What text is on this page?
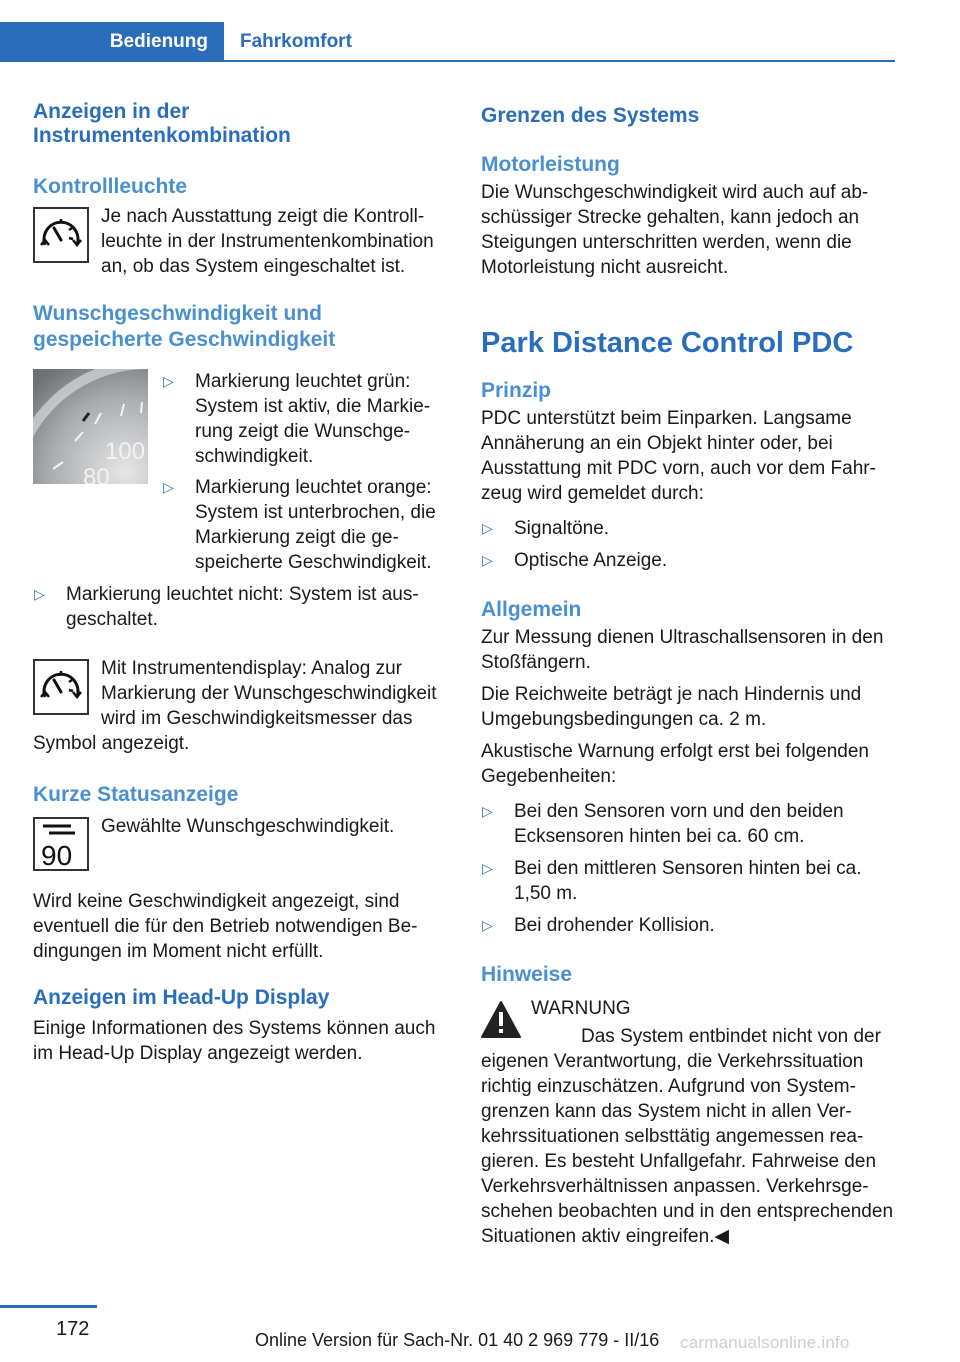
Bedienung	Fahrkomfort
Anzeigen in der Instrumentenkombination
Kontrollleuchte

Je nach Ausstattung zeigt die Kontrollleuchte in der Instrumentenkombination an, ob das System eingeschaltet ist.

Wunschgeschwindigkeit und gespeicherte Geschwindigkeit
100
80
▷ Markierung leuchtet grün: System ist aktiv, die Markierung zeigt die Wunschgeschwindigkeit.
▷ Markierung leuchtet orange: System ist unterbrochen, die Markierung zeigt die gespeicherte Geschwindigkeit.
▷ Markierung leuchtet nicht: System ist ausgeschaltet.

Mit Instrumentendisplay: Analog zur Markierung der Wunschgeschwindigkeit wird im Geschwindigkeitsmesser das Symbol angezeigt.

Kurze Statusanzeige
90

Gewählte Wunschgeschwindigkeit.

Wird keine Geschwindigkeit angezeigt, sind eventuell die für den Betrieb notwendigen Bedingungen im Moment nicht erfüllt.

Anzeigen im Head-Up Display

Einige Informationen des Systems können auch im Head-Up Display angezeigt werden.

Grenzen des Systems
Motorleistung

Die Wunschgeschwindigkeit wird auch auf abschüssiger Strecke gehalten, kann jedoch an Steigungen unterschritten werden, wenn die Motorleistung nicht ausreicht.

Park Distance Control PDC
Prinzip

PDC unterstützt beim Einparken. Langsame Annäherung an ein Objekt hinter oder, bei Ausstattung mit PDC vorn, auch vor dem Fahrzeug wird gemeldet durch:

▷ Signaltöne.
▷ Optische Anzeige.
Allgemein

Zur Messung dienen Ultraschallsensoren in den Stoßfängern.

Die Reichweite beträgt je nach Hindernis und Umgebungsbedingungen ca. 2 m.

Akustische Warnung erfolgt erst bei folgenden Gegebenheiten:

▷ Bei den Sensoren vorn und den beiden Ecksensoren hinten bei ca. 60 cm.
▷ Bei den mittleren Sensoren hinten bei ca. 1,50 m.
▷ Bei drohender Kollision.
Hinweise

WARNUNG

Das System entbindet nicht von der eigenen Verantwortung, die Verkehrssituation richtig einzuschätzen. Aufgrund von Systemgrenzen kann das System nicht in allen Verkehrssituationen selbsttätig angemessen reagieren. Es besteht Unfallgefahr. Fahrweise den Verkehrsverhältnissen anpassen. Verkehrsgeschehen beobachten und in den entsprechenden Situationen aktiv eingreifen.◀

172	Online Version für Sach-Nr. 01 40 2 969 779 - II/16 carmanualsonline.info
